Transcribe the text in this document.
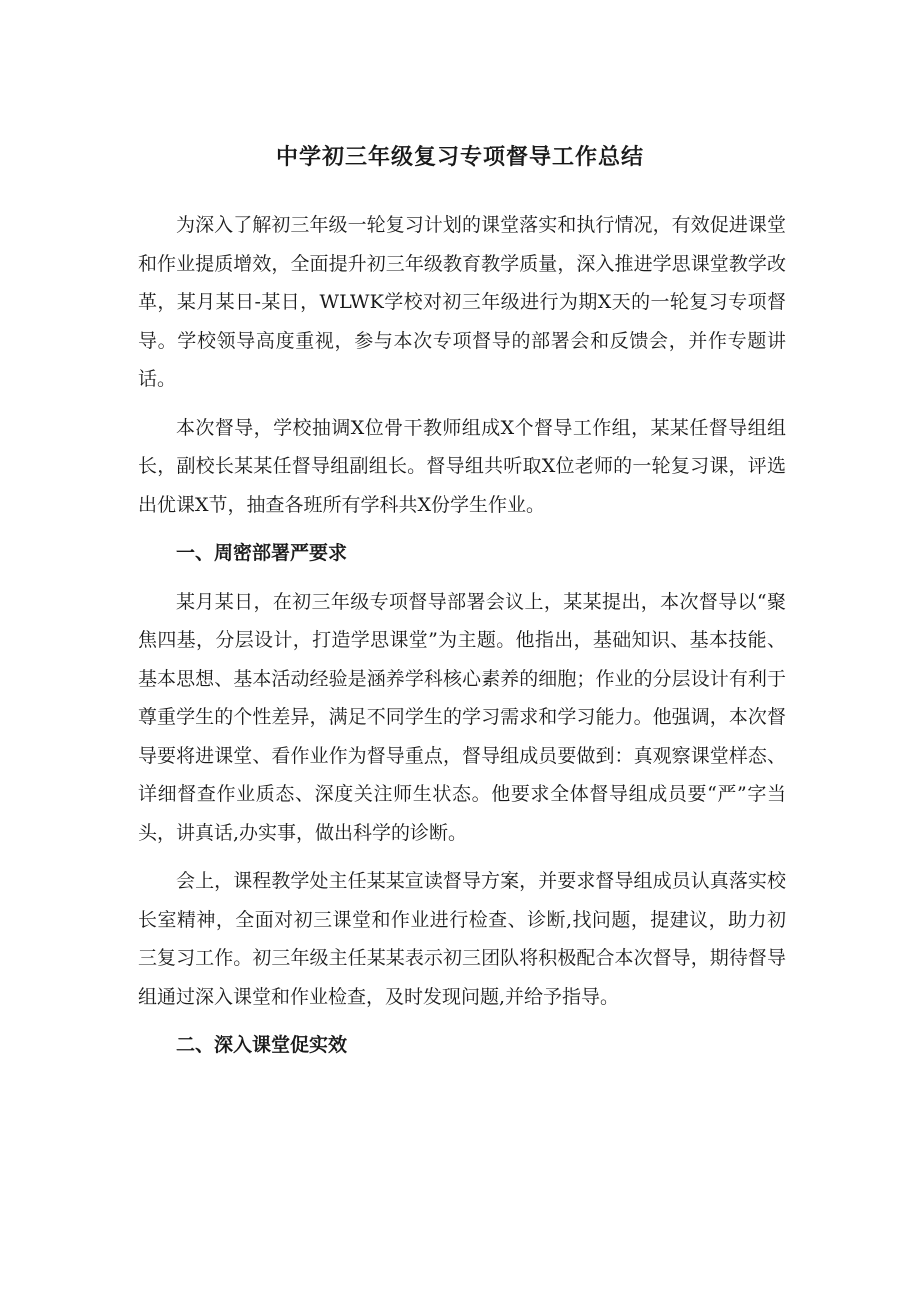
中学初三年级复习专项督导工作总结

为深入了解初三年级一轮复习计划的课堂落实和执行情况，有效促进课堂和作业提质增效，全面提升初三年级教育教学质量，深入推进学思课堂教学改革，某月某日-某日，WLWK学校对初三年级进行为期X天的一轮复习专项督导。学校领导高度重视，参与本次专项督导的部署会和反馈会，并作专题讲话。

本次督导，学校抽调X位骨干教师组成X个督导工作组，某某任督导组组长，副校长某某任督导组副组长。督导组共听取X位老师的一轮复习课，评选出优课X节，抽查各班所有学科共X份学生作业。

一、周密部署严要求

某月某日，在初三年级专项督导部署会议上，某某提出，本次督导以“聚焦四基，分层设计，打造学思课堂”为主题。他指出，基础知识、基本技能、基本思想、基本活动经验是涵养学科核心素养的细胞；作业的分层设计有利于尊重学生的个性差异，满足不同学生的学习需求和学习能力。他强调，本次督导要将进课堂、看作业作为督导重点，督导组成员要做到：真观察课堂样态、详细督查作业质态、深度关注师生状态。他要求全体督导组成员要“严”字当头，讲真话,办实事，做出科学的诊断。

会上，课程教学处主任某某宣读督导方案，并要求督导组成员认真落实校长室精神，全面对初三课堂和作业进行检查、诊断,找问题，提建议，助力初三复习工作。初三年级主任某某表示初三团队将积极配合本次督导，期待督导组通过深入课堂和作业检查，及时发现问题,并给予指导。

二、深入课堂促实效
